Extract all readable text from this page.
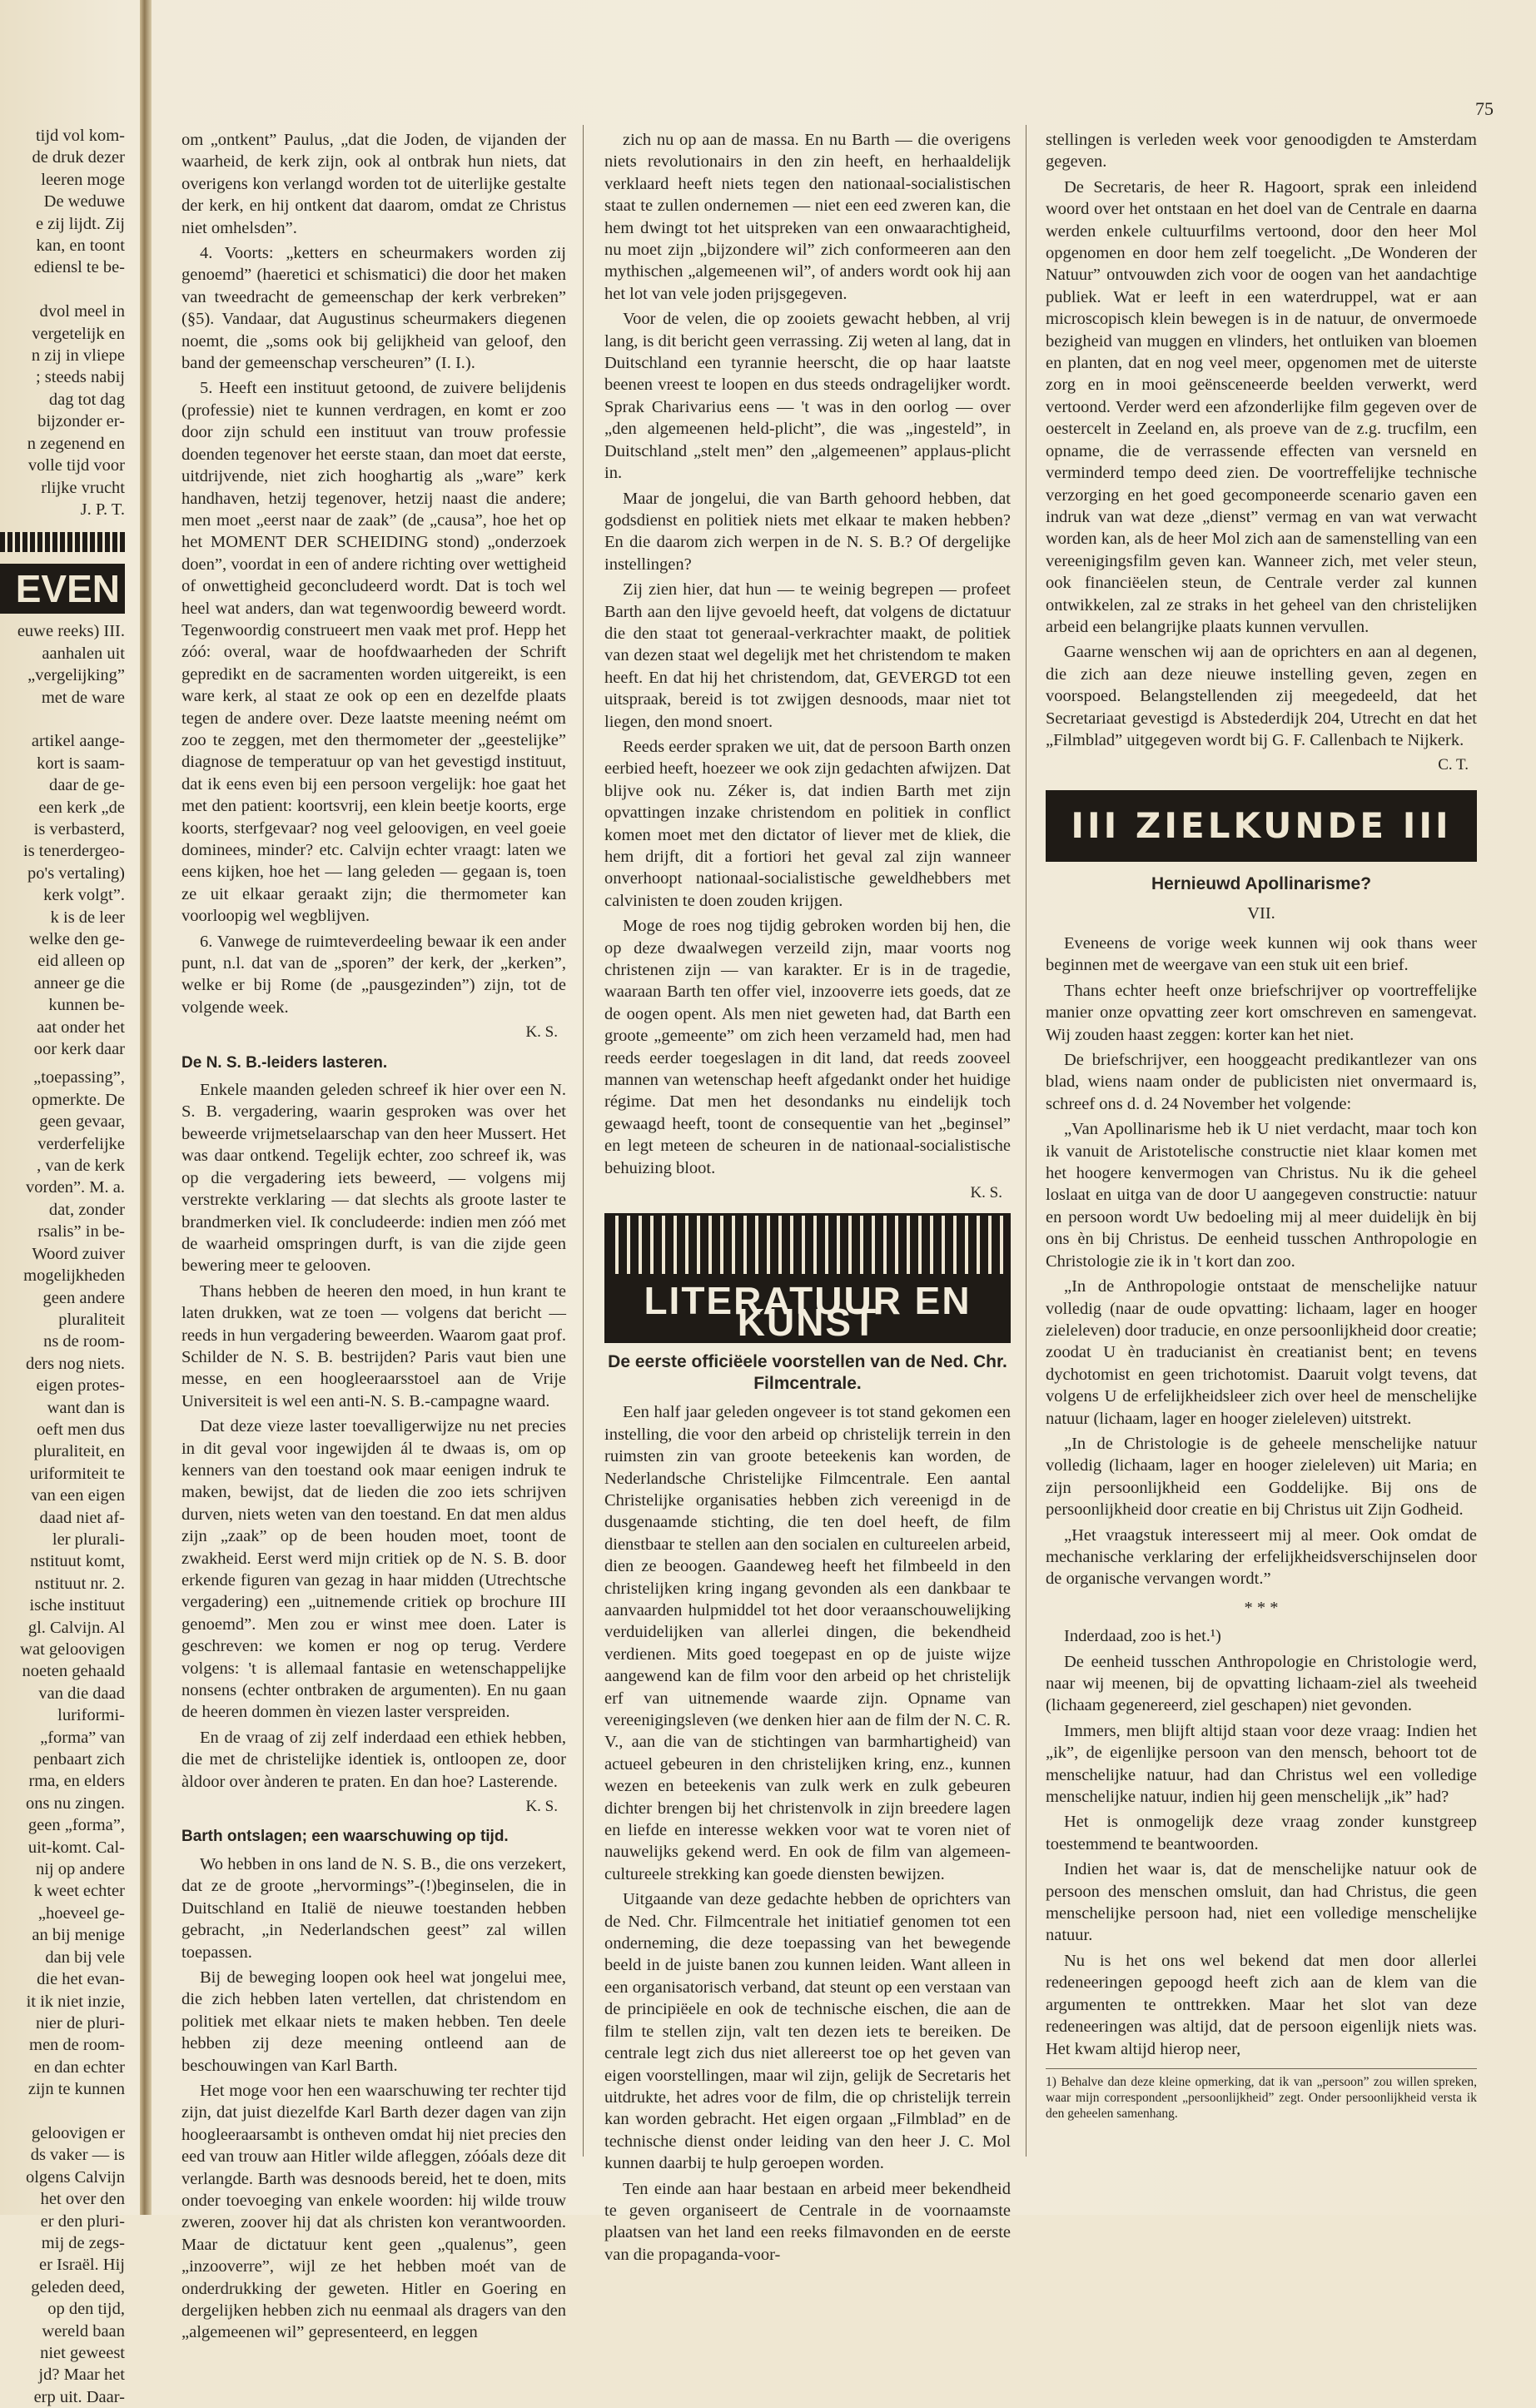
75
tijd vol kom-
de druk dezer
leeren moge
De weduwe
e zij lijdt. Zij
kan, en toont
ediensl te be-

dvol meel in
vergetelijk en
n zij in vliepe
; steeds nabij
dag tot dag
bijzonder er-
n zegenend en
volle tijd voor
rlijke vrucht
J. P. T.
EVEN
euwe reeks) III.
aanhalen uit
„vergelijking”
met de ware

artikel aange-
kort is saam-
daar de ge-
een kerk „de
is verbasterd,
is tenerdergeo-
po's vertaling)
kerk volgt”.
k is de leer
welke den ge-
eid alleen op
anneer ge die
kunnen be-
aat onder het
oor kerk daar
„toepassing”,
opmerkte. De
geen gevaar,
verderfelijke
, van de kerk
vorden”. M. a.
dat, zonder
rsalis” in be-
Woord zuiver
mogelijkheden
geen andere
pluraliteit
ns de room-
ders nog niets.
eigen protes-
want dan is
oeft men dus
pluraliteit, en
uriformiteit te
van een eigen
daad niet af-
ler plurali-
nstituut komt,
nstituut nr. 2.
ische instituut
gl. Calvijn. Al
wat geloovigen
noeten gehaald
van die daad
luriformi-
„forma” van
penbaart zich
rma, en elders
ons nu zingen.
geen „forma”,
uit-komt. Cal-
nij op andere
k weet echter
„hoeveel ge-
an bij menige
dan bij vele
die het evan-
it ik niet inzie,
nier de pluri-
men de room-
en dan echter
zijn te kunnen

geloovigen er
ds vaker — is
olgens Calvijn
het over den
er den pluri-
mij de zegs-
er Israël. Hij
geleden deed,
op den tijd,
wereld baan
niet geweest
jd? Maar het
erp uit. Daar-

om „ontkent” Paulus, „dat die Joden, de vijanden der waarheid, de kerk zijn, ook al ontbrak hun niets, dat overigens kon verlangd worden tot de uiterlijke gestalte der kerk, en hij ontkent dat daarom, omdat ze Christus niet omhelsden”.

4. Voorts: „ketters en scheurmakers worden zij genoemd” (haeretici et schismatici) die door het maken van tweedracht de gemeenschap der kerk verbreken” (§5). Vandaar, dat Augustinus scheurmakers diegenen noemt, die „soms ook bij gelijkheid van geloof, den band der gemeenschap verscheuren” (I. I.).

5. Heeft een instituut getoond, de zuivere belijdenis (professie) niet te kunnen verdragen, en komt er zoo door zijn schuld een instituut van trouw professie doenden tegenover het eerste staan, dan moet dat eerste, uitdrijvende, niet zich hooghartig als „ware” kerk handhaven, hetzij tegenover, hetzij naast die andere; men moet „eerst naar de zaak” (de „causa”, hoe het op het MOMENT DER SCHEIDING stond) „onderzoek doen”, voordat in een of andere richting over wettigheid of onwettigheid geconcludeerd wordt. Dat is toch wel heel wat anders, dan wat tegenwoordig beweerd wordt. Tegenwoordig construeert men vaak met prof. Hepp het zóó: overal, waar de hoofdwaarheden der Schrift gepredikt en de sacramenten worden uitgereikt, is een ware kerk, al staat ze ook op een en dezelfde plaats tegen de andere over. Deze laatste meening neémt om zoo te zeggen, met den thermometer der „geestelijke” diagnose de temperatuur op van het gevestigd instituut, dat ik eens even bij een persoon vergelijk: hoe gaat het met den patient: koortsvrij, een klein beetje koorts, erge koorts, sterfgevaar? nog veel geloovigen, en veel goeie dominees, minder? etc. Calvijn echter vraagt: laten we eens kijken, hoe het — lang geleden — gegaan is, toen ze uit elkaar geraakt zijn; die thermometer kan voorloopig wel wegblijven.

6. Vanwege de ruimteverdeeling bewaar ik een ander punt, n.l. dat van de „sporen” der kerk, der „kerken”, welke er bij Rome (de „pausgezinden”) zijn, tot de volgende week.

K. S.
De N. S. B.-leiders lasteren.

Enkele maanden geleden schreef ik hier over een N. S. B. vergadering, waarin gesproken was over het beweerde vrijmetselaarschap van den heer Mussert. Het was daar ontkend. Tegelijk echter, zoo schreef ik, was op die vergadering iets beweerd, — volgens mij verstrekte verklaring — dat slechts als groote laster te brandmerken viel. Ik concludeerde: indien men zóó met de waarheid omspringen durft, is van die zijde geen bewering meer te gelooven.

Thans hebben de heeren den moed, in hun krant te laten drukken, wat ze toen — volgens dat bericht — reeds in hun vergadering beweerden. Waarom gaat prof. Schilder de N. S. B. bestrijden? Paris vaut bien une messe, en een hoogleeraarsstoel aan de Vrije Universiteit is wel een anti-N. S. B.-campagne waard.

Dat deze vieze laster toevalligerwijze nu net precies in dit geval voor ingewijden ál te dwaas is, om op kenners van den toestand ook maar eenigen indruk te maken, bewijst, dat de lieden die zoo iets schrijven durven, niets weten van den toestand. En dat men aldus zijn „zaak” op de been houden moet, toont de zwakheid. Eerst werd mijn critiek op de N. S. B. door erkende figuren van gezag in haar midden (Utrechtsche vergadering) een „uitnemende critiek op brochure III genoemd”. Men zou er winst mee doen. Later is geschreven: we komen er nog op terug. Verdere volgens: 't is allemaal fantasie en wetenschappelijke nonsens (echter ontbraken de argumenten). En nu gaan de heeren dommen èn viezen laster verspreiden.

En de vraag of zij zelf inderdaad een ethiek hebben, die met de christelijke identiek is, ontloopen ze, door àldoor over ànderen te praten. En dan hoe? Lasterende.

K. S.
Barth ontslagen; een waarschuwing op tijd.

Wo hebben in ons land de N. S. B., die ons verzekert, dat ze de groote „hervormings”-(!)beginselen, die in Duitschland en Italië de nieuwe toestanden hebben gebracht, „in Nederlandschen geest” zal willen toepassen.

Bij de beweging loopen ook heel wat jongelui mee, die zich hebben laten vertellen, dat christendom en politiek met elkaar niets te maken hebben. Ten deele hebben zij deze meening ontleend aan de beschouwingen van Karl Barth.

Het moge voor hen een waarschuwing ter rechter tijd zijn, dat juist diezelfde Karl Barth dezer dagen van zijn hoogleeraarsambt is ontheven omdat hij niet precies den eed van trouw aan Hitler wilde afleggen, zóóals deze dit verlangde. Barth was desnoods bereid, het te doen, mits onder toevoeging van enkele woorden: hij wilde trouw zweren, zoover hij dat als christen kon verantwoorden. Maar de dictatuur kent geen „qualenus”, geen „inzooverre”, wijl ze het hebben moét van de onderdrukking der geweten. Hitler en Goering en dergelijken hebben zich nu eenmaal als dragers van den „algemeenen wil” gepresenteerd, en leggen

zich nu op aan de massa. En nu Barth — die overigens niets revolutionairs in den zin heeft, en herhaaldelijk verklaard heeft niets tegen den nationaal-socialistischen staat te zullen ondernemen — niet een eed zweren kan, die hem dwingt tot het uitspreken van een onwaarachtigheid, nu moet zijn „bijzondere wil” zich conformeeren aan den mythischen „algemeenen wil”, of anders wordt ook hij aan het lot van vele joden prijsgegeven.

Voor de velen, die op zooiets gewacht hebben, al vrij lang, is dit bericht geen verrassing. Zij weten al lang, dat in Duitschland een tyrannie heerscht, die op haar laatste beenen vreest te loopen en dus steeds ondragelijker wordt. Sprak Charivarius eens — 't was in den oorlog — over „den algemeenen held-plicht”, die was „ingesteld”, in Duitschland „stelt men” den „algemeenen” applaus-plicht in.

Maar de jongelui, die van Barth gehoord hebben, dat godsdienst en politiek niets met elkaar te maken hebben? En die daarom zich werpen in de N. S. B.? Of dergelijke instellingen?

Zij zien hier, dat hun — te weinig begrepen — profeet Barth aan den lijve gevoeld heeft, dat volgens de dictatuur die den staat tot generaal-verkrachter maakt, de politiek van dezen staat wel degelijk met het christendom te maken heeft. En dat hij het christendom, dat, GEVERGD tot een uitspraak, bereid is tot zwijgen desnoods, maar niet tot liegen, den mond snoert.

Reeds eerder spraken we uit, dat de persoon Barth onzen eerbied heeft, hoezeer we ook zijn gedachten afwijzen. Dat blijve ook nu. Zéker is, dat indien Barth met zijn opvattingen inzake christendom en politiek in conflict komen moet met den dictator of liever met de kliek, die hem drijft, dit a fortiori het geval zal zijn wanneer onverhoopt nationaal-socialistische geweldhebbers met calvinisten te doen zouden krijgen.

Moge de roes nog tijdig gebroken worden bij hen, die op deze dwaalwegen verzeild zijn, maar voorts nog christenen zijn — van karakter. Er is in de tragedie, waaraan Barth ten offer viel, inzooverre iets goeds, dat ze de oogen opent. Als men niet geweten had, dat Barth een groote „gemeente” om zich heen verzameld had, men had reeds eerder toegeslagen in dit land, dat reeds zooveel mannen van wetenschap heeft afgedankt onder het huidige régime. Dat men het desondanks nu eindelijk toch gewaagd heeft, toont de consequentie van het „beginsel” en legt meteen de scheuren in de nationaal-socialistische behuizing bloot.

K. S.
LITERATUUR EN KUNST
De eerste officiëele voorstellen van de Ned. Chr. Filmcentrale.

Een half jaar geleden ongeveer is tot stand gekomen een instelling, die voor den arbeid op christelijk terrein in den ruimsten zin van groote beteekenis kan worden, de Nederlandsche Christelijke Filmcentrale. Een aantal Christelijke organisaties hebben zich vereenigd in de dusgenaamde stichting, die ten doel heeft, de film dienstbaar te stellen aan den socialen en cultureelen arbeid, dien ze beoogen. Gaandeweg heeft het filmbeeld in den christelijken kring ingang gevonden als een dankbaar te aanvaarden hulpmiddel tot het door veraanschouwelijking verduidelijken van allerlei dingen, die bekendheid verdienen. Mits goed toegepast en op de juiste wijze aangewend kan de film voor den arbeid op het christelijk erf van uitnemende waarde zijn. Opname van vereenigingsleven (we denken hier aan de film der N. C. R. V., aan die van de stichtingen van barmhartigheid) van actueel gebeuren in den christelijken kring, enz., kunnen wezen en beteekenis van zulk werk en zulk gebeuren dichter brengen bij het christenvolk in zijn breedere lagen en liefde en interesse wekken voor wat te voren niet of nauwelijks gekend werd. En ook de film van algemeen-cultureele strekking kan goede diensten bewijzen.

Uitgaande van deze gedachte hebben de oprichters van de Ned. Chr. Filmcentrale het initiatief genomen tot een onderneming, die deze toepassing van het bewegende beeld in de juiste banen zou kunnen leiden. Want alleen in een organisatorisch verband, dat steunt op een verstaan van de principiëele en ook de technische eischen, die aan de film te stellen zijn, valt ten dezen iets te bereiken. De centrale legt zich dus niet allereerst toe op het geven van eigen voorstellingen, maar wil zijn, gelijk de Secretaris het uitdrukte, het adres voor de film, die op christelijk terrein kan worden gebracht. Het eigen orgaan „Filmblad” en de technische dienst onder leiding van den heer J. C. Mol kunnen daarbij te hulp geroepen worden.

Ten einde aan haar bestaan en arbeid meer bekendheid te geven organiseert de Centrale in de voornaamste plaatsen van het land een reeks filmavonden en de eerste van die propaganda-voor-

stellingen is verleden week voor genoodigden te Amsterdam gegeven.

De Secretaris, de heer R. Hagoort, sprak een inleidend woord over het ontstaan en het doel van de Centrale en daarna werden enkele cultuurfilms vertoond, door den heer Mol opgenomen en door hem zelf toegelicht. „De Wonderen der Natuur” ontvouwden zich voor de oogen van het aandachtige publiek. Wat er leeft in een waterdruppel, wat er aan microscopisch klein bewegen is in de natuur, de onvermoede bezigheid van muggen en vlinders, het ontluiken van bloemen en planten, dat en nog veel meer, opgenomen met de uiterste zorg en in mooi geënsceneerde beelden verwerkt, werd vertoond. Verder werd een afzonderlijke film gegeven over de oestercelt in Zeeland en, als proeve van de z.g. trucfilm, een opname, die de verrassende effecten van versneld en verminderd tempo deed zien. De voortreffelijke technische verzorging en het goed gecomponeerde scenario gaven een indruk van wat deze „dienst” vermag en van wat verwacht worden kan, als de heer Mol zich aan de samenstelling van een vereenigingsfilm geven kan. Wanneer zich, met veler steun, ook financiëelen steun, de Centrale verder zal kunnen ontwikkelen, zal ze straks in het geheel van den christelijken arbeid een belangrijke plaats kunnen vervullen.

Gaarne wenschen wij aan de oprichters en aan al degenen, die zich aan deze nieuwe instelling geven, zegen en voorspoed. Belangstellenden zij meegedeeld, dat het Secretariaat gevestigd is Abstederdijk 204, Utrecht en dat het „Filmblad” uitgegeven wordt bij G. F. Callenbach te Nijkerk.

C. T.
III ZIELKUNDE III
Hernieuwd Apollinarisme?
VII.

Eveneens de vorige week kunnen wij ook thans weer beginnen met de weergave van een stuk uit een brief.

Thans echter heeft onze briefschrijver op voortreffelijke manier onze opvatting zeer kort omschreven en samengevat. Wij zouden haast zeggen: korter kan het niet.

De briefschrijver, een hooggeacht predikantlezer van ons blad, wiens naam onder de publicisten niet onvermaard is, schreef ons d. d. 24 November het volgende:

„Van Apollinarisme heb ik U niet verdacht, maar toch kon ik vanuit de Aristotelische constructie niet klaar komen met het hoogere kenvermogen van Christus. Nu ik die geheel loslaat en uitga van de door U aangegeven constructie: natuur en persoon wordt Uw bedoeling mij al meer duidelijk èn bij ons èn bij Christus. De eenheid tusschen Anthropologie en Christologie zie ik in 't kort dan zoo.

„In de Anthropologie ontstaat de menschelijke natuur volledig (naar de oude opvatting: lichaam, lager en hooger zieleleven) door traducie, en onze persoonlijkheid door creatie; zoodat U èn traducianist èn creatianist bent; en tevens dychotomist en geen trichotomist. Daaruit volgt tevens, dat volgens U de erfelijkheidsleer zich over heel de menschelijke natuur (lichaam, lager en hooger zieleleven) uitstrekt.

„In de Christologie is de geheele menschelijke natuur volledig (lichaam, lager en hooger zieleleven) uit Maria; en zijn persoonlijkheid een Goddelijke. Bij ons de persoonlijkheid door creatie en bij Christus uit Zijn Godheid.

„Het vraagstuk interesseert mij al meer. Ook omdat de mechanische verklaring der erfelijkheidsverschijnselen door de organische vervangen wordt.”

* * *

Inderdaad, zoo is het.¹)

De eenheid tusschen Anthropologie en Christologie werd, naar wij meenen, bij de opvatting lichaam-ziel als tweeheid (lichaam gegenereerd, ziel geschapen) niet gevonden.

Immers, men blijft altijd staan voor deze vraag: Indien het „ik”, de eigenlijke persoon van den mensch, behoort tot de menschelijke natuur, had dan Christus wel een volledige menschelijke natuur, indien hij geen menschelijk „ik” had?

Het is onmogelijk deze vraag zonder kunstgreep toestemmend te beantwoorden.

Indien het waar is, dat de menschelijke natuur ook de persoon des menschen omsluit, dan had Christus, die geen menschelijke persoon had, niet een volledige menschelijke natuur.

Nu is het ons wel bekend dat men door allerlei redeneeringen gepoogd heeft zich aan de klem van die argumenten te onttrekken. Maar het slot van deze redeneeringen was altijd, dat de persoon eigenlijk niets was. Het kwam altijd hierop neer,

1) Behalve dan deze kleine opmerking, dat ik van „persoon” zou willen spreken, waar mijn correspondent „persoonlijkheid” zegt. Onder persoonlijkheid versta ik den geheelen samenhang.
